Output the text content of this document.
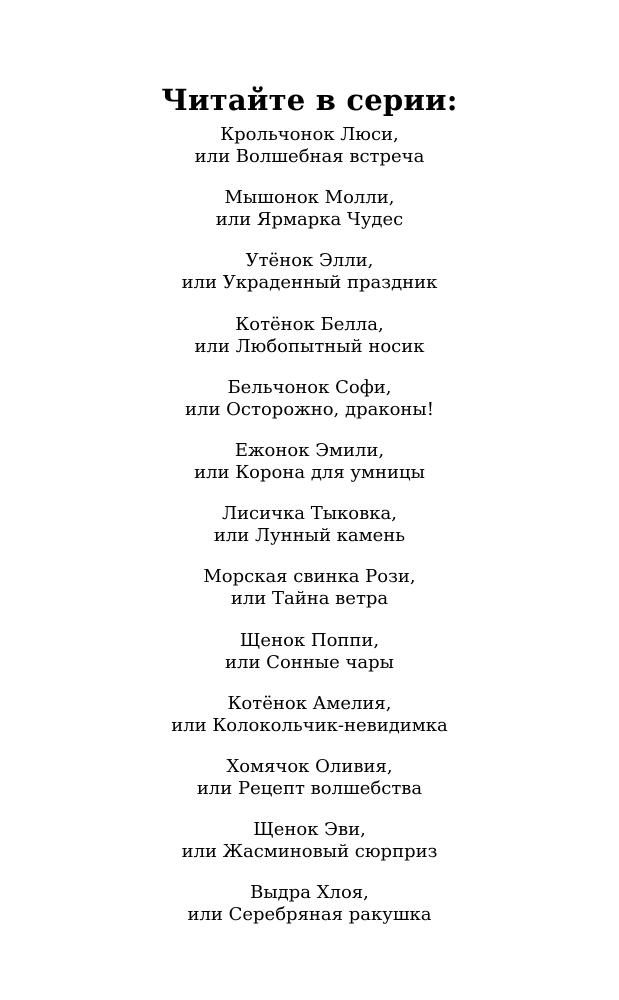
Читайте в серии:
Крольчонок Люси,
или Волшебная встреча
Мышонок Молли,
или Ярмарка Чудес
Утёнок Элли,
или Украденный праздник
Котёнок Белла,
или Любопытный носик
Бельчонок Софи,
или Осторожно, драконы!
Ежонок Эмили,
или Корона для умницы
Лисичка Тыковка,
или Лунный камень
Морская свинка Рози,
или Тайна ветра
Щенок Поппи,
или Сонные чары
Котёнок Амелия,
или Колокольчик-невидимка
Хомячок Оливия,
или Рецепт волшебства
Щенок Эви,
или Жасминовый сюрприз
Выдра Хлоя,
или Серебряная ракушка
